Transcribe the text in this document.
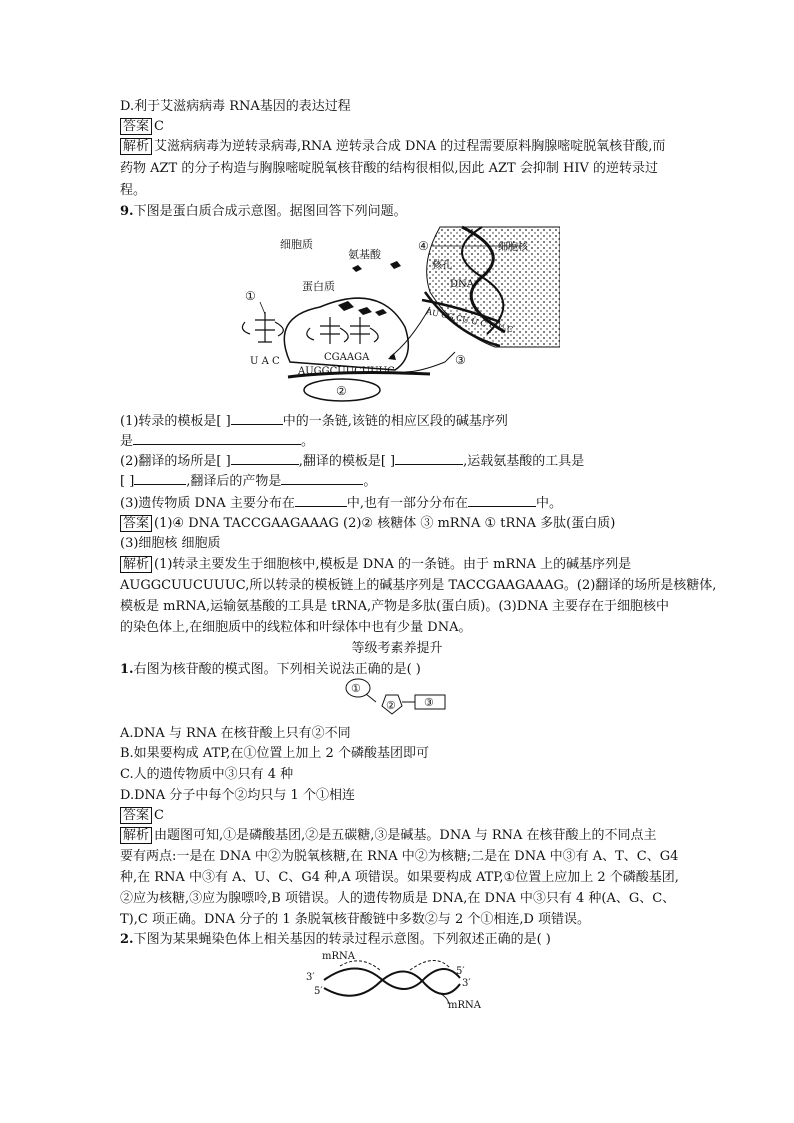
D.利于艾滋病病毒 RNA基因的表达过程
答案 C
解析 艾滋病病毒为逆转录病毒,RNA 逆转录合成 DNA 的过程需要原料胸腺嘧啶脱氧核苷酸,而
药物 AZT 的分子构造与胸腺嘧啶脱氧核苷酸的结构很相似,因此 AZT 会抑制 HIV 的逆转录过
程。
9.下图是蛋白质合成示意图。据图回答下列问题。
DNA
核孔
细胞核
AU GG CU U C U U C
④
细胞质
氨基酸
②
蛋白质
U A C
①
CGAAGA
AUGGCUUCUUUC
③
(1)转录的模板是[ ]	中的一条链,该链的相应区段的碱基序列
是	。
(2)翻译的场所是[ ]	,翻译的模板是[ ]	,运载氨基酸的工具是
[ ]	,翻译后的产物是	。
(3)遗传物质 DNA 主要分布在	中,也有一部分分布在	中。
答案 (1)④ DNA TACCGAAGAAAG (2)② 核糖体 ③ mRNA ① tRNA 多肽(蛋白质)
(3)细胞核 细胞质
解析 (1)转录主要发生于细胞核中,模板是 DNA 的一条链。由于 mRNA 上的碱基序列是
AUGGCUUCUUUC,所以转录的模板链上的碱基序列是 TACCGAAGAAAG。(2)翻译的场所是核糖体,
模板是 mRNA,运输氨基酸的工具是 tRNA,产物是多肽(蛋白质)。(3)DNA 主要存在于细胞核中
的染色体上,在细胞质中的线粒体和叶绿体中也有少量 DNA。
等级考素养提升
1.右图为核苷酸的模式图。下列相关说法正确的是( )
①
②	③
A.DNA 与 RNA 在核苷酸上只有②不同
B.如果要构成 ATP,在①位置上加上 2 个磷酸基团即可
C.人的遗传物质中③只有 4 种
D.DNA 分子中每个②均只与 1 个①相连
答案 C
解析 由题图可知,①是磷酸基团,②是五碳糖,③是碱基。DNA 与 RNA 在核苷酸上的不同点主
要有两点:一是在 DNA 中②为脱氧核糖,在 RNA 中②为核糖;二是在 DNA 中③有 A、T、C、G4
种,在 RNA 中③有 A、U、C、G4 种,A 项错误。如果要构成 ATP,①位置上应加上 2 个磷酸基团,
②应为核糖,③应为腺嘌呤,B 项错误。人的遗传物质是 DNA,在 DNA 中③只有 4 种(A、G、C、
T),C 项正确。DNA 分子的 1 条脱氧核苷酸链中多数②与 2 个①相连,D 项错误。
2.下图为某果蝇染色体上相关基因的转录过程示意图。下列叙述正确的是( )
mRNA
3′
5′
5′
3′
mRNA
